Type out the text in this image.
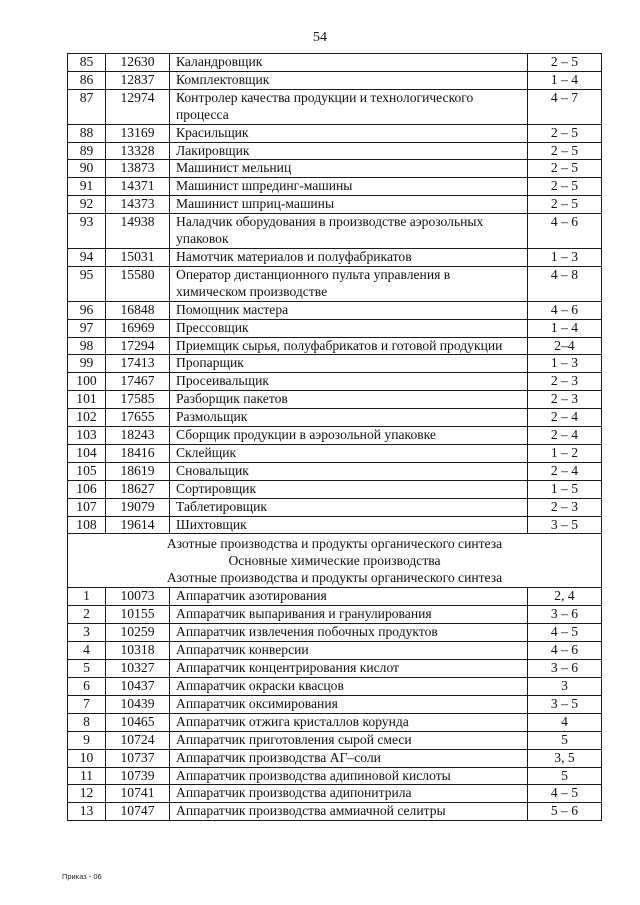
54
85	12630	Каландровщик	2 – 5
86	12837	Комплектовщик	1 – 4
87	12974	Контролер качества продукции и технологического процесса	4 – 7
88	13169	Красильщик	2 – 5
89	13328	Лакировщик	2 – 5
90	13873	Машинист мельниц	2 – 5
91	14371	Машинист шпрединг-машины	2 – 5
92	14373	Машинист шприц-машины	2 – 5
93	14938	Наладчик оборудования в производстве аэрозольных упаковок	4 – 6
94	15031	Намотчик материалов и полуфабрикатов	1 – 3
95	15580	Оператор дистанционного пульта управления в химическом производстве	4 – 8
96	16848	Помощник мастера	4 – 6
97	16969	Прессовщик	1 – 4
98	17294	Приемщик сырья, полуфабрикатов и готовой продукции	2–4
99	17413	Пропарщик	1 – 3
100	17467	Просеивальщик	2 – 3
101	17585	Разборщик пакетов	2 – 3
102	17655	Размольщик	2 – 4
103	18243	Сборщик продукции в аэрозольной упаковке	2 – 4
104	18416	Склейщик	1 – 2
105	18619	Сновальщик	2 – 4
106	18627	Сортировщик	1 – 5
107	19079	Таблетировщик	2 – 3
108	19614	Шихтовщик	3 – 5

Азотные производства и продукты органического синтеза
Основные химические производства
Азотные производства и продукты органического синтеза			

1	10073	Аппаратчик азотирования	2, 4
2	10155	Аппаратчик выпаривания и гранулирования	3 – 6
3	10259	Аппаратчик извлечения побочных продуктов	4 – 5
4	10318	Аппаратчик конверсии	4 – 6
5	10327	Аппаратчик концентрирования кислот	3 – 6
6	10437	Аппаратчик окраски квасцов	3
7	10439	Аппаратчик оксимирования	3 – 5
8	10465	Аппаратчик отжига кристаллов корунда	4
9	10724	Аппаратчик приготовления сырой смеси	5
10	10737	Аппаратчик производства АГ–соли	3, 5
11	10739	Аппаратчик производства адипиновой кислоты	5
12	10741	Аппаратчик производства адипонитрила	4 – 5
13	10747	Аппаратчик производства аммиачной селитры	5 – 6
Приказ - 06
